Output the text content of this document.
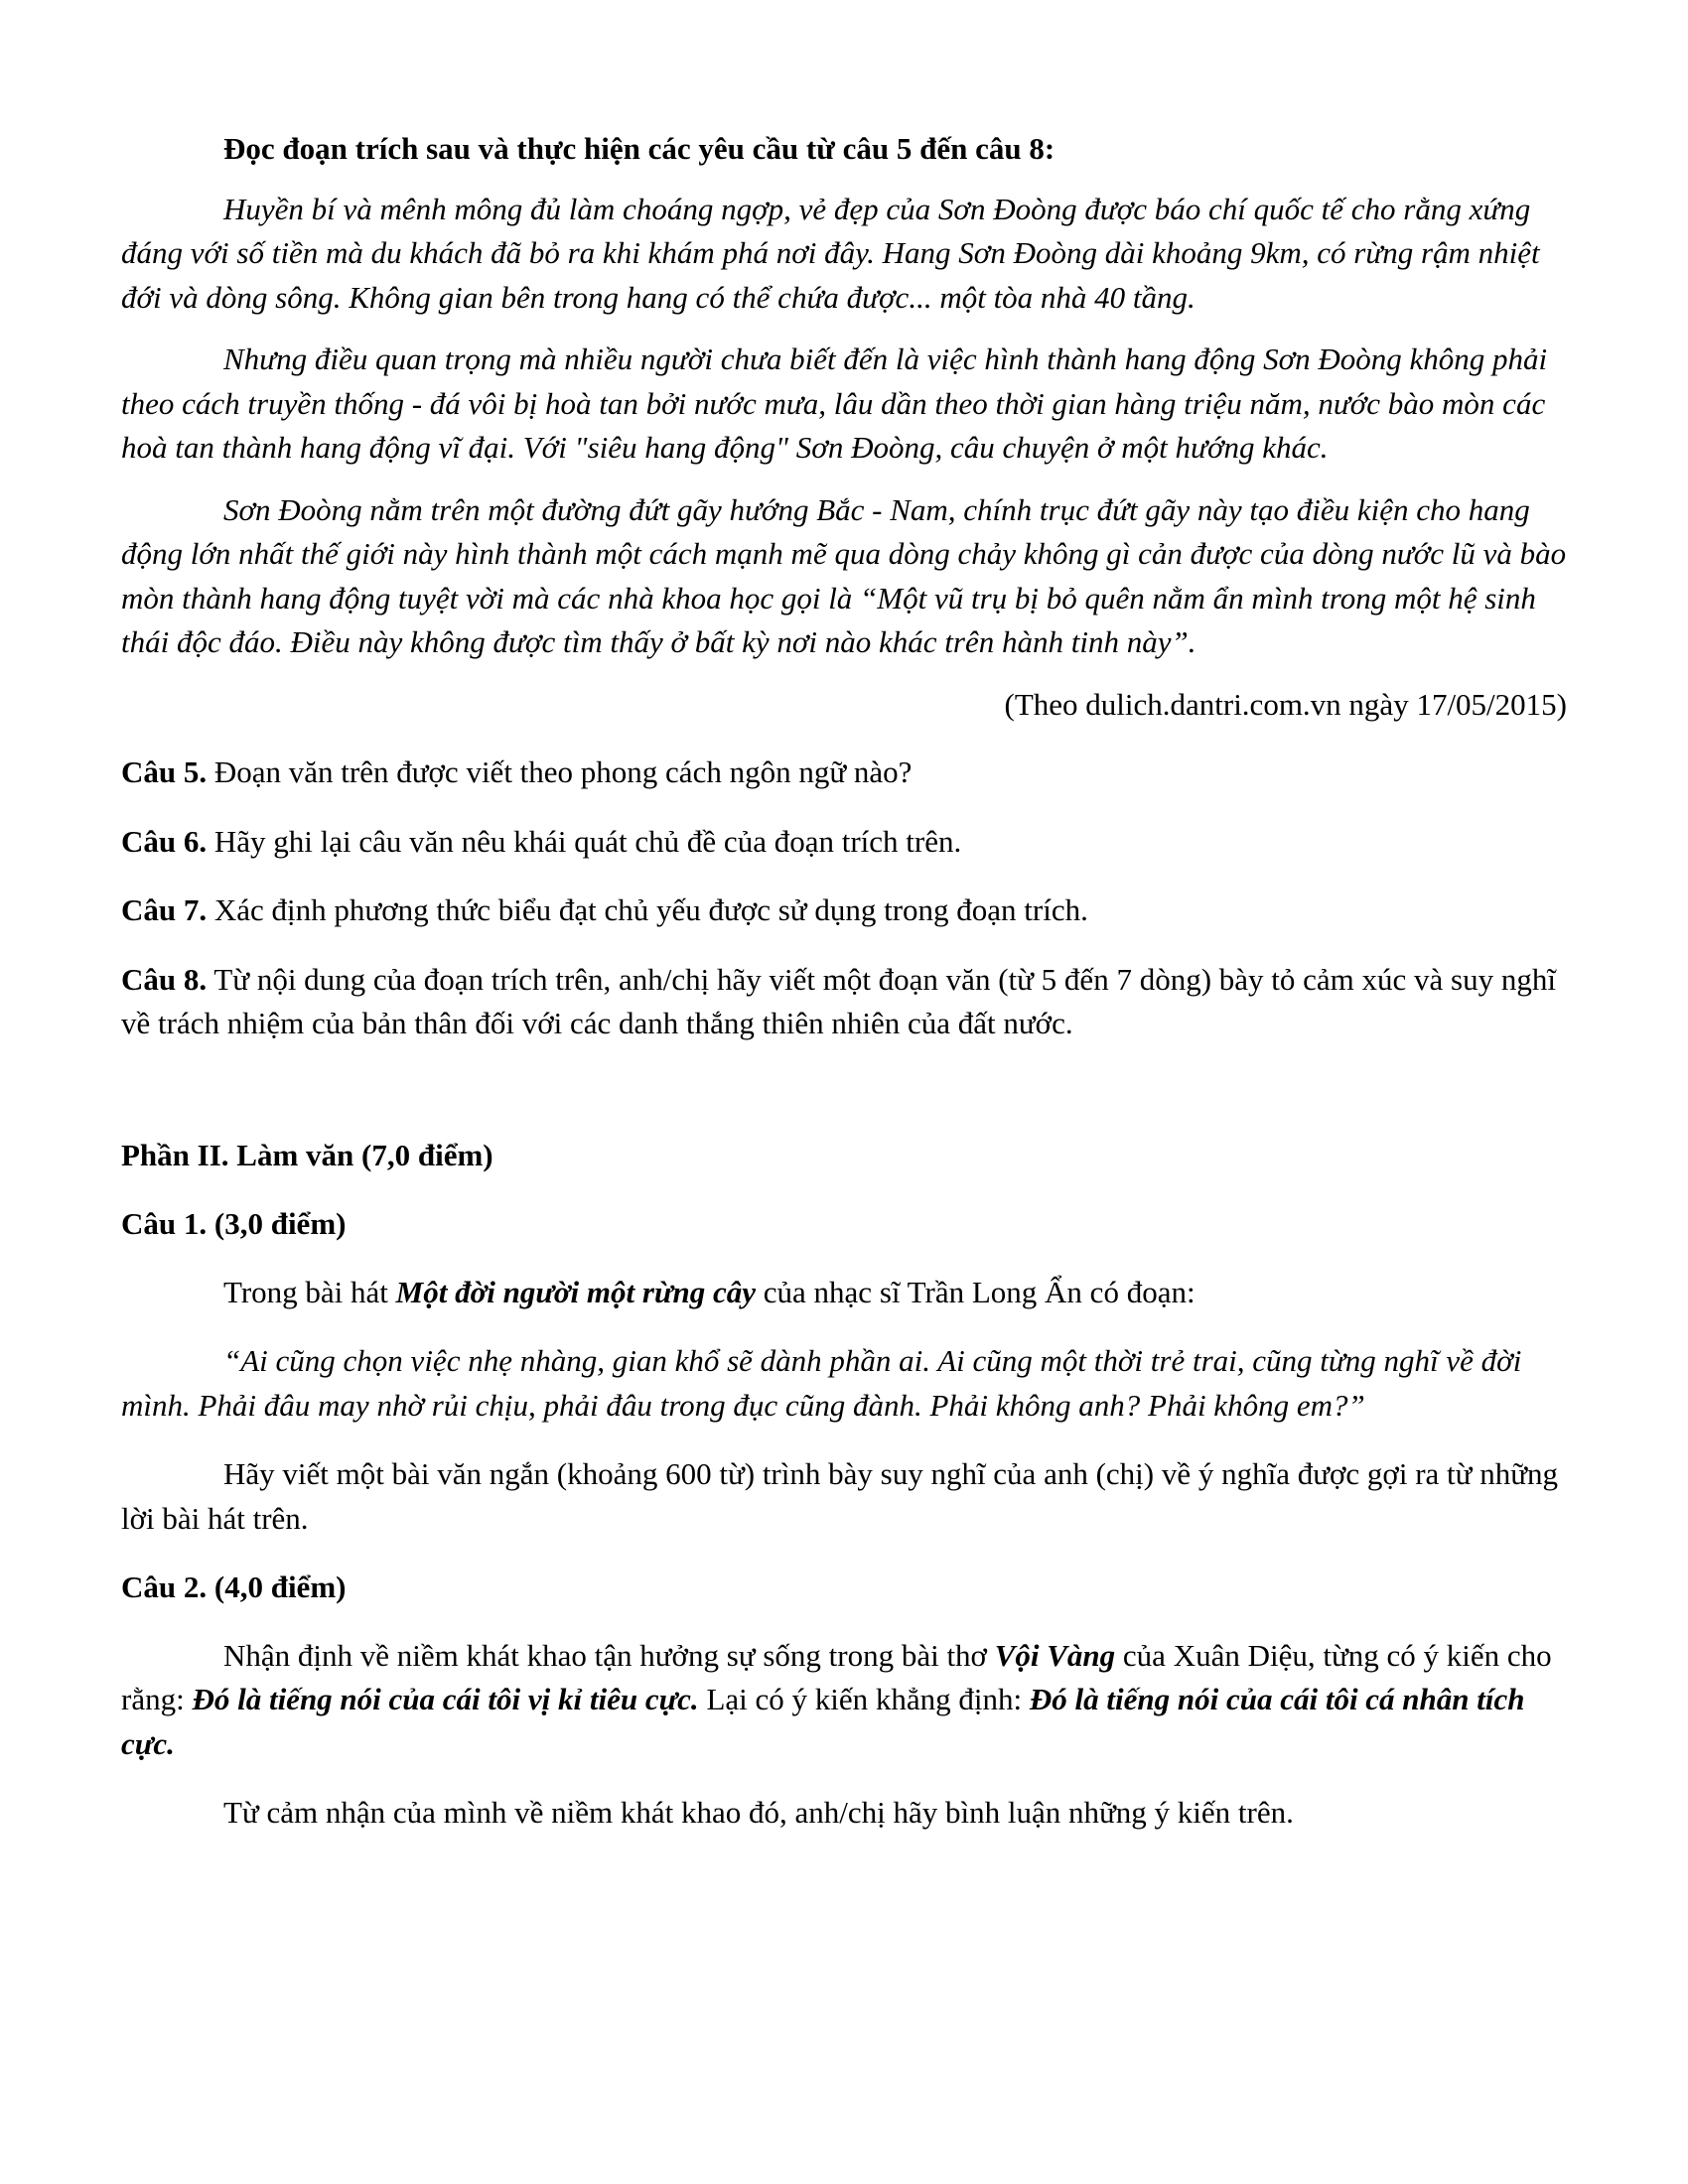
Đọc đoạn trích sau và thực hiện các yêu cầu từ câu 5 đến câu 8:

Huyền bí và mênh mông đủ làm choáng ngợp, vẻ đẹp của Sơn Đoòng được báo chí quốc tế cho rằng xứng đáng với số tiền mà du khách đã bỏ ra khi khám phá nơi đây. Hang Sơn Đoòng dài khoảng 9km, có rừng rậm nhiệt đới và dòng sông. Không gian bên trong hang có thể chứa được... một tòa nhà 40 tầng.

Nhưng điều quan trọng mà nhiều người chưa biết đến là việc hình thành hang động Sơn Đoòng không phải theo cách truyền thống - đá vôi bị hoà tan bởi nước mưa, lâu dần theo thời gian hàng triệu năm, nước bào mòn các hoà tan thành hang động vĩ đại. Với "siêu hang động" Sơn Đoòng, câu chuyện ở một hướng khác.

Sơn Đoòng nằm trên một đường đứt gãy hướng Bắc - Nam, chính trục đứt gãy này tạo điều kiện cho hang động lớn nhất thế giới này hình thành một cách mạnh mẽ qua dòng chảy không gì cản được của dòng nước lũ và bào mòn thành hang động tuyệt vời mà các nhà khoa học gọi là “Một vũ trụ bị bỏ quên nằm ẩn mình trong một hệ sinh thái độc đáo. Điều này không được tìm thấy ở bất kỳ nơi nào khác trên hành tinh này”.

(Theo dulich.dantri.com.vn ngày 17/05/2015)

Câu 5. Đoạn văn trên được viết theo phong cách ngôn ngữ nào?

Câu 6. Hãy ghi lại câu văn nêu khái quát chủ đề của đoạn trích trên.

Câu 7. Xác định phương thức biểu đạt chủ yếu được sử dụng trong đoạn trích.

Câu 8. Từ nội dung của đoạn trích trên, anh/chị hãy viết một đoạn văn (từ 5 đến 7 dòng) bày tỏ cảm xúc và suy nghĩ về trách nhiệm của bản thân đối với các danh thắng thiên nhiên của đất nước.

Phần II. Làm văn (7,0 điểm)

Câu 1. (3,0 điểm)

Trong bài hát Một đời người một rừng cây của nhạc sĩ Trần Long Ẩn có đoạn:

“Ai cũng chọn việc nhẹ nhàng, gian khổ sẽ dành phần ai. Ai cũng một thời trẻ trai, cũng từng nghĩ về đời mình. Phải đâu may nhờ rủi chịu, phải đâu trong đục cũng đành. Phải không anh? Phải không em?”

Hãy viết một bài văn ngắn (khoảng 600 từ) trình bày suy nghĩ của anh (chị) về ý nghĩa được gợi ra từ những lời bài hát trên.

Câu 2. (4,0 điểm)

Nhận định về niềm khát khao tận hưởng sự sống trong bài thơ Vội Vàng của Xuân Diệu, từng có ý kiến cho rằng: Đó là tiếng nói của cái tôi vị kỉ tiêu cực. Lại có ý kiến khẳng định: Đó là tiếng nói của cái tôi cá nhân tích cực.

Từ cảm nhận của mình về niềm khát khao đó, anh/chị hãy bình luận những ý kiến trên.
